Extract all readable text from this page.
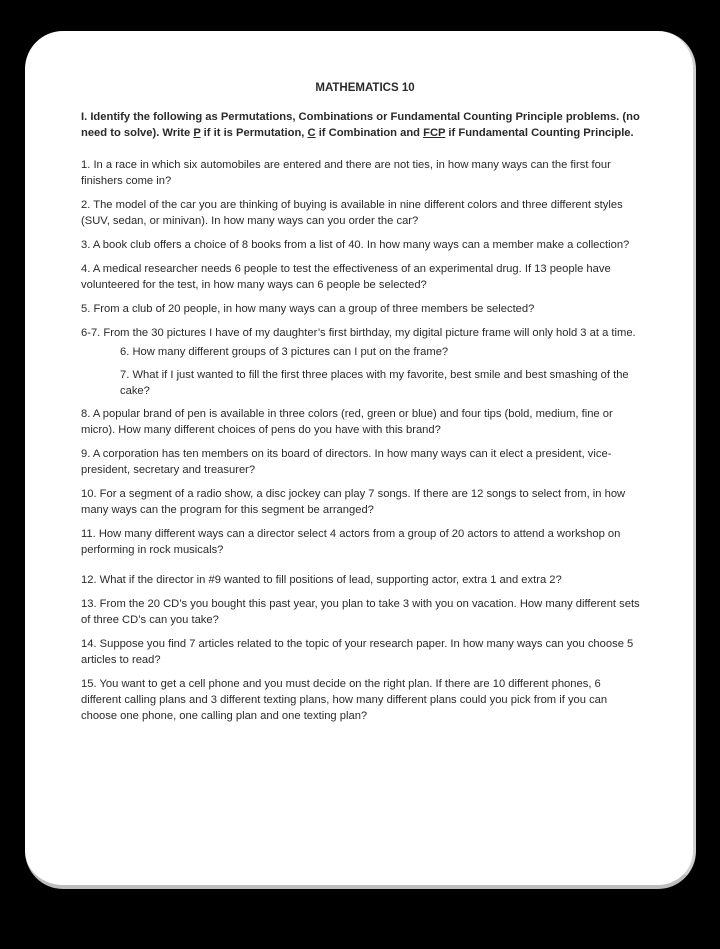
MATHEMATICS 10
I. Identify the following as Permutations, Combinations or Fundamental Counting Principle problems. (no need to solve). Write P if it is Permutation, C if Combination and FCP if Fundamental Counting Principle.
1. In a race in which six automobiles are entered and there are not ties, in how many ways can the first four finishers come in?
2. The model of the car you are thinking of buying is available in nine different colors and three different styles (SUV, sedan, or minivan). In how many ways can you order the car?
3. A book club offers a choice of 8 books from a list of 40. In how many ways can a member make a collection?
4. A medical researcher needs 6 people to test the effectiveness of an experimental drug. If 13 people have volunteered for the test, in how many ways can 6 people be selected?
5. From a club of 20 people, in how many ways can a group of three members be selected?
6-7. From the 30 pictures I have of my daughter’s first birthday, my digital picture frame will only hold 3 at a time.
6. How many different groups of 3 pictures can I put on the frame?
7. What if I just wanted to fill the first three places with my favorite, best smile and best smashing of the cake?
8. A popular brand of pen is available in three colors (red, green or blue) and four tips (bold, medium, fine or micro). How many different choices of pens do you have with this brand?
9. A corporation has ten members on its board of directors. In how many ways can it elect a president, vice-president, secretary and treasurer?
10. For a segment of a radio show, a disc jockey can play 7 songs. If there are 12 songs to select from, in how many ways can the program for this segment be arranged?
11. How many different ways can a director select 4 actors from a group of 20 actors to attend a workshop on performing in rock musicals?
12. What if the director in #9 wanted to fill positions of lead, supporting actor, extra 1 and extra 2?
13. From the 20 CD’s you bought this past year, you plan to take 3 with you on vacation. How many different sets of three CD’s can you take?
14. Suppose you find 7 articles related to the topic of your research paper. In how many ways can you choose 5 articles to read?
15. You want to get a cell phone and you must decide on the right plan. If there are 10 different phones, 6 different calling plans and 3 different texting plans, how many different plans could you pick from if you can choose one phone, one calling plan and one texting plan?
